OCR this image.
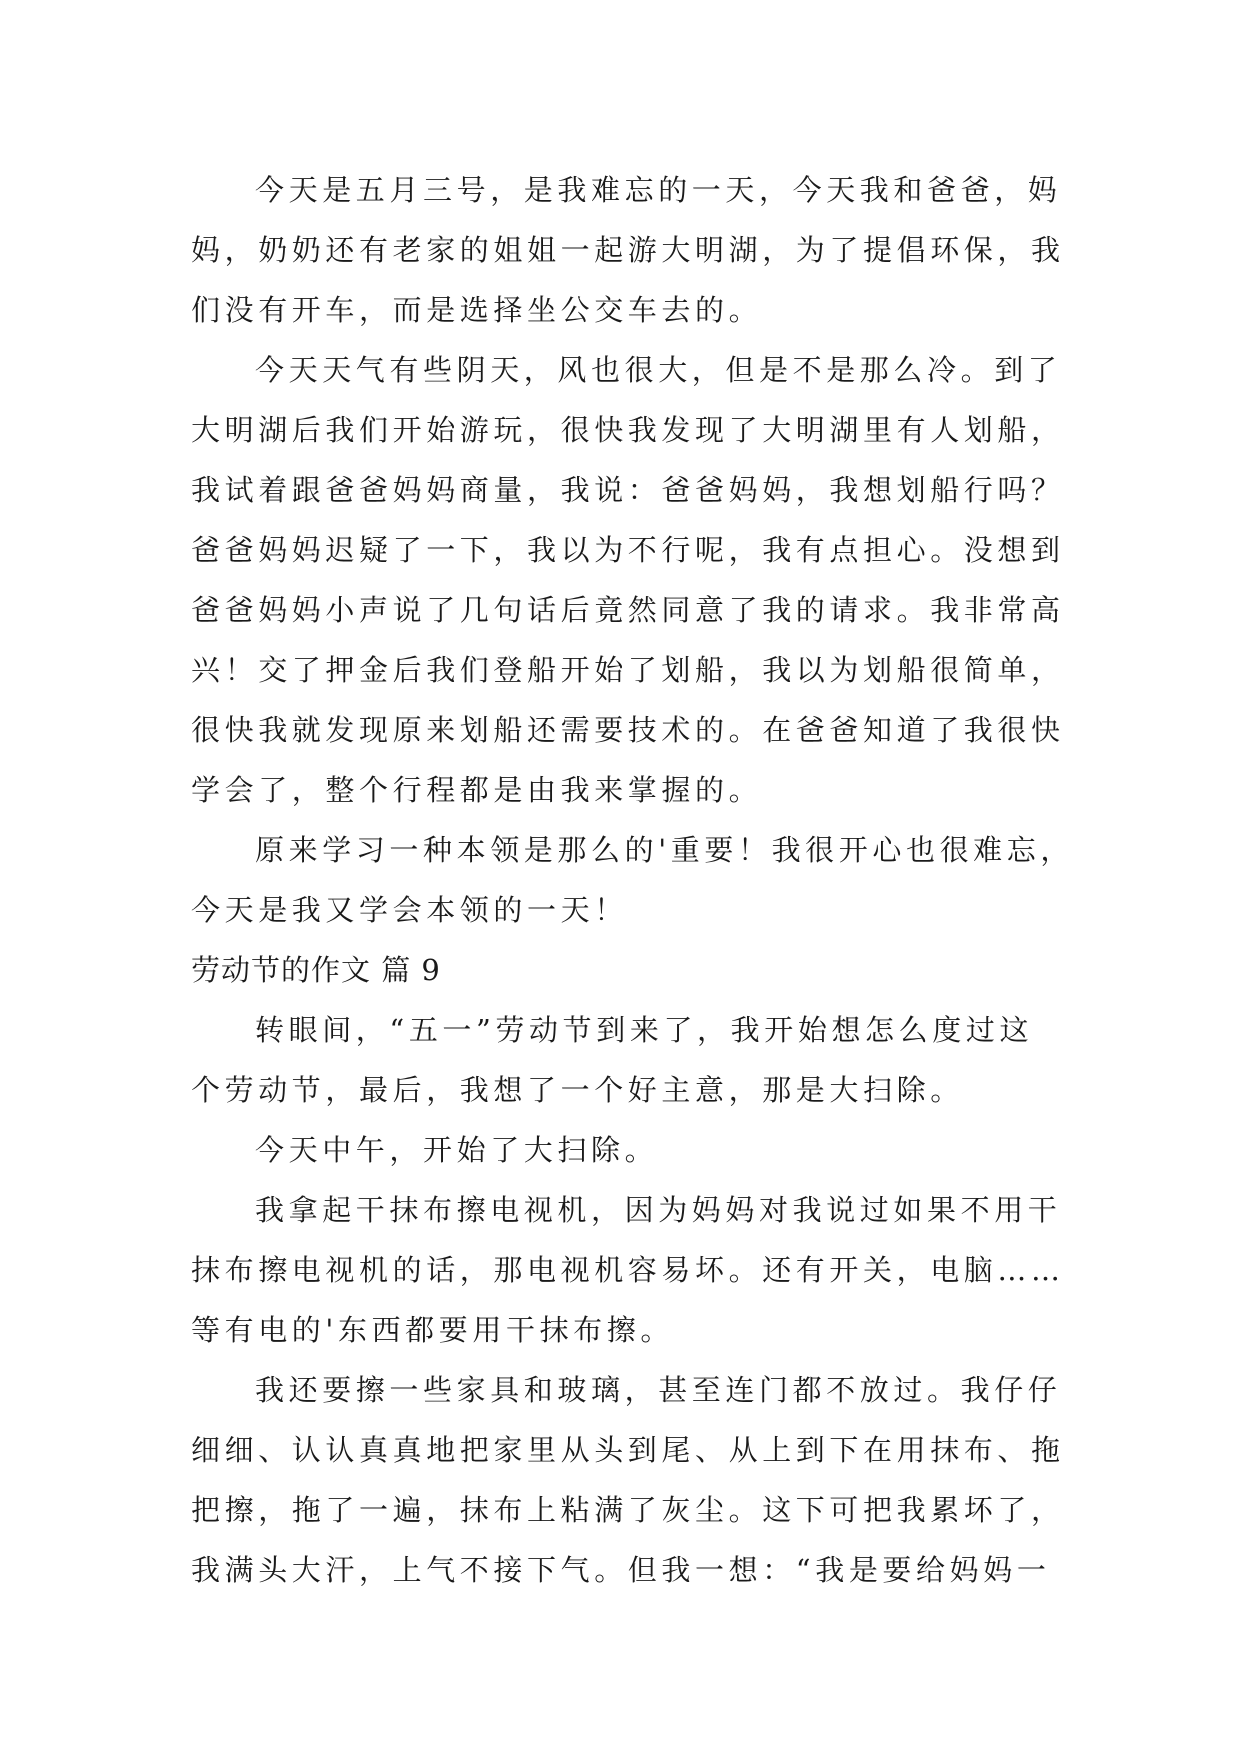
今天是五月三号，是我难忘的一天，今天我和爸爸，妈
妈，奶奶还有老家的姐姐一起游大明湖，为了提倡环保，我
们没有开车，而是选择坐公交车去的。
今天天气有些阴天，风也很大，但是不是那么冷。到了
大明湖后我们开始游玩，很快我发现了大明湖里有人划船，
我试着跟爸爸妈妈商量，我说：爸爸妈妈，我想划船行吗？
爸爸妈妈迟疑了一下，我以为不行呢，我有点担心。没想到
爸爸妈妈小声说了几句话后竟然同意了我的请求。我非常高
兴！交了押金后我们登船开始了划船，我以为划船很简单，
很快我就发现原来划船还需要技术的。在爸爸知道了我很快
学会了，整个行程都是由我来掌握的。
原来学习一种本领是那么的'重要！我很开心也很难忘，
今天是我又学会本领的一天！
劳动节的作文 篇 9
转眼间，“五一”劳动节到来了，我开始想怎么度过这
个劳动节，最后，我想了一个好主意，那是大扫除。
今天中午，开始了大扫除。
我拿起干抹布擦电视机，因为妈妈对我说过如果不用干
抹布擦电视机的话，那电视机容易坏。还有开关，电脑……
等有电的'东西都要用干抹布擦。
我还要擦一些家具和玻璃，甚至连门都不放过。我仔仔
细细、认认真真地把家里从头到尾、从上到下在用抹布、拖
把擦，拖了一遍，抹布上粘满了灰尘。这下可把我累坏了，
我满头大汗，上气不接下气。但我一想：“我是要给妈妈一
